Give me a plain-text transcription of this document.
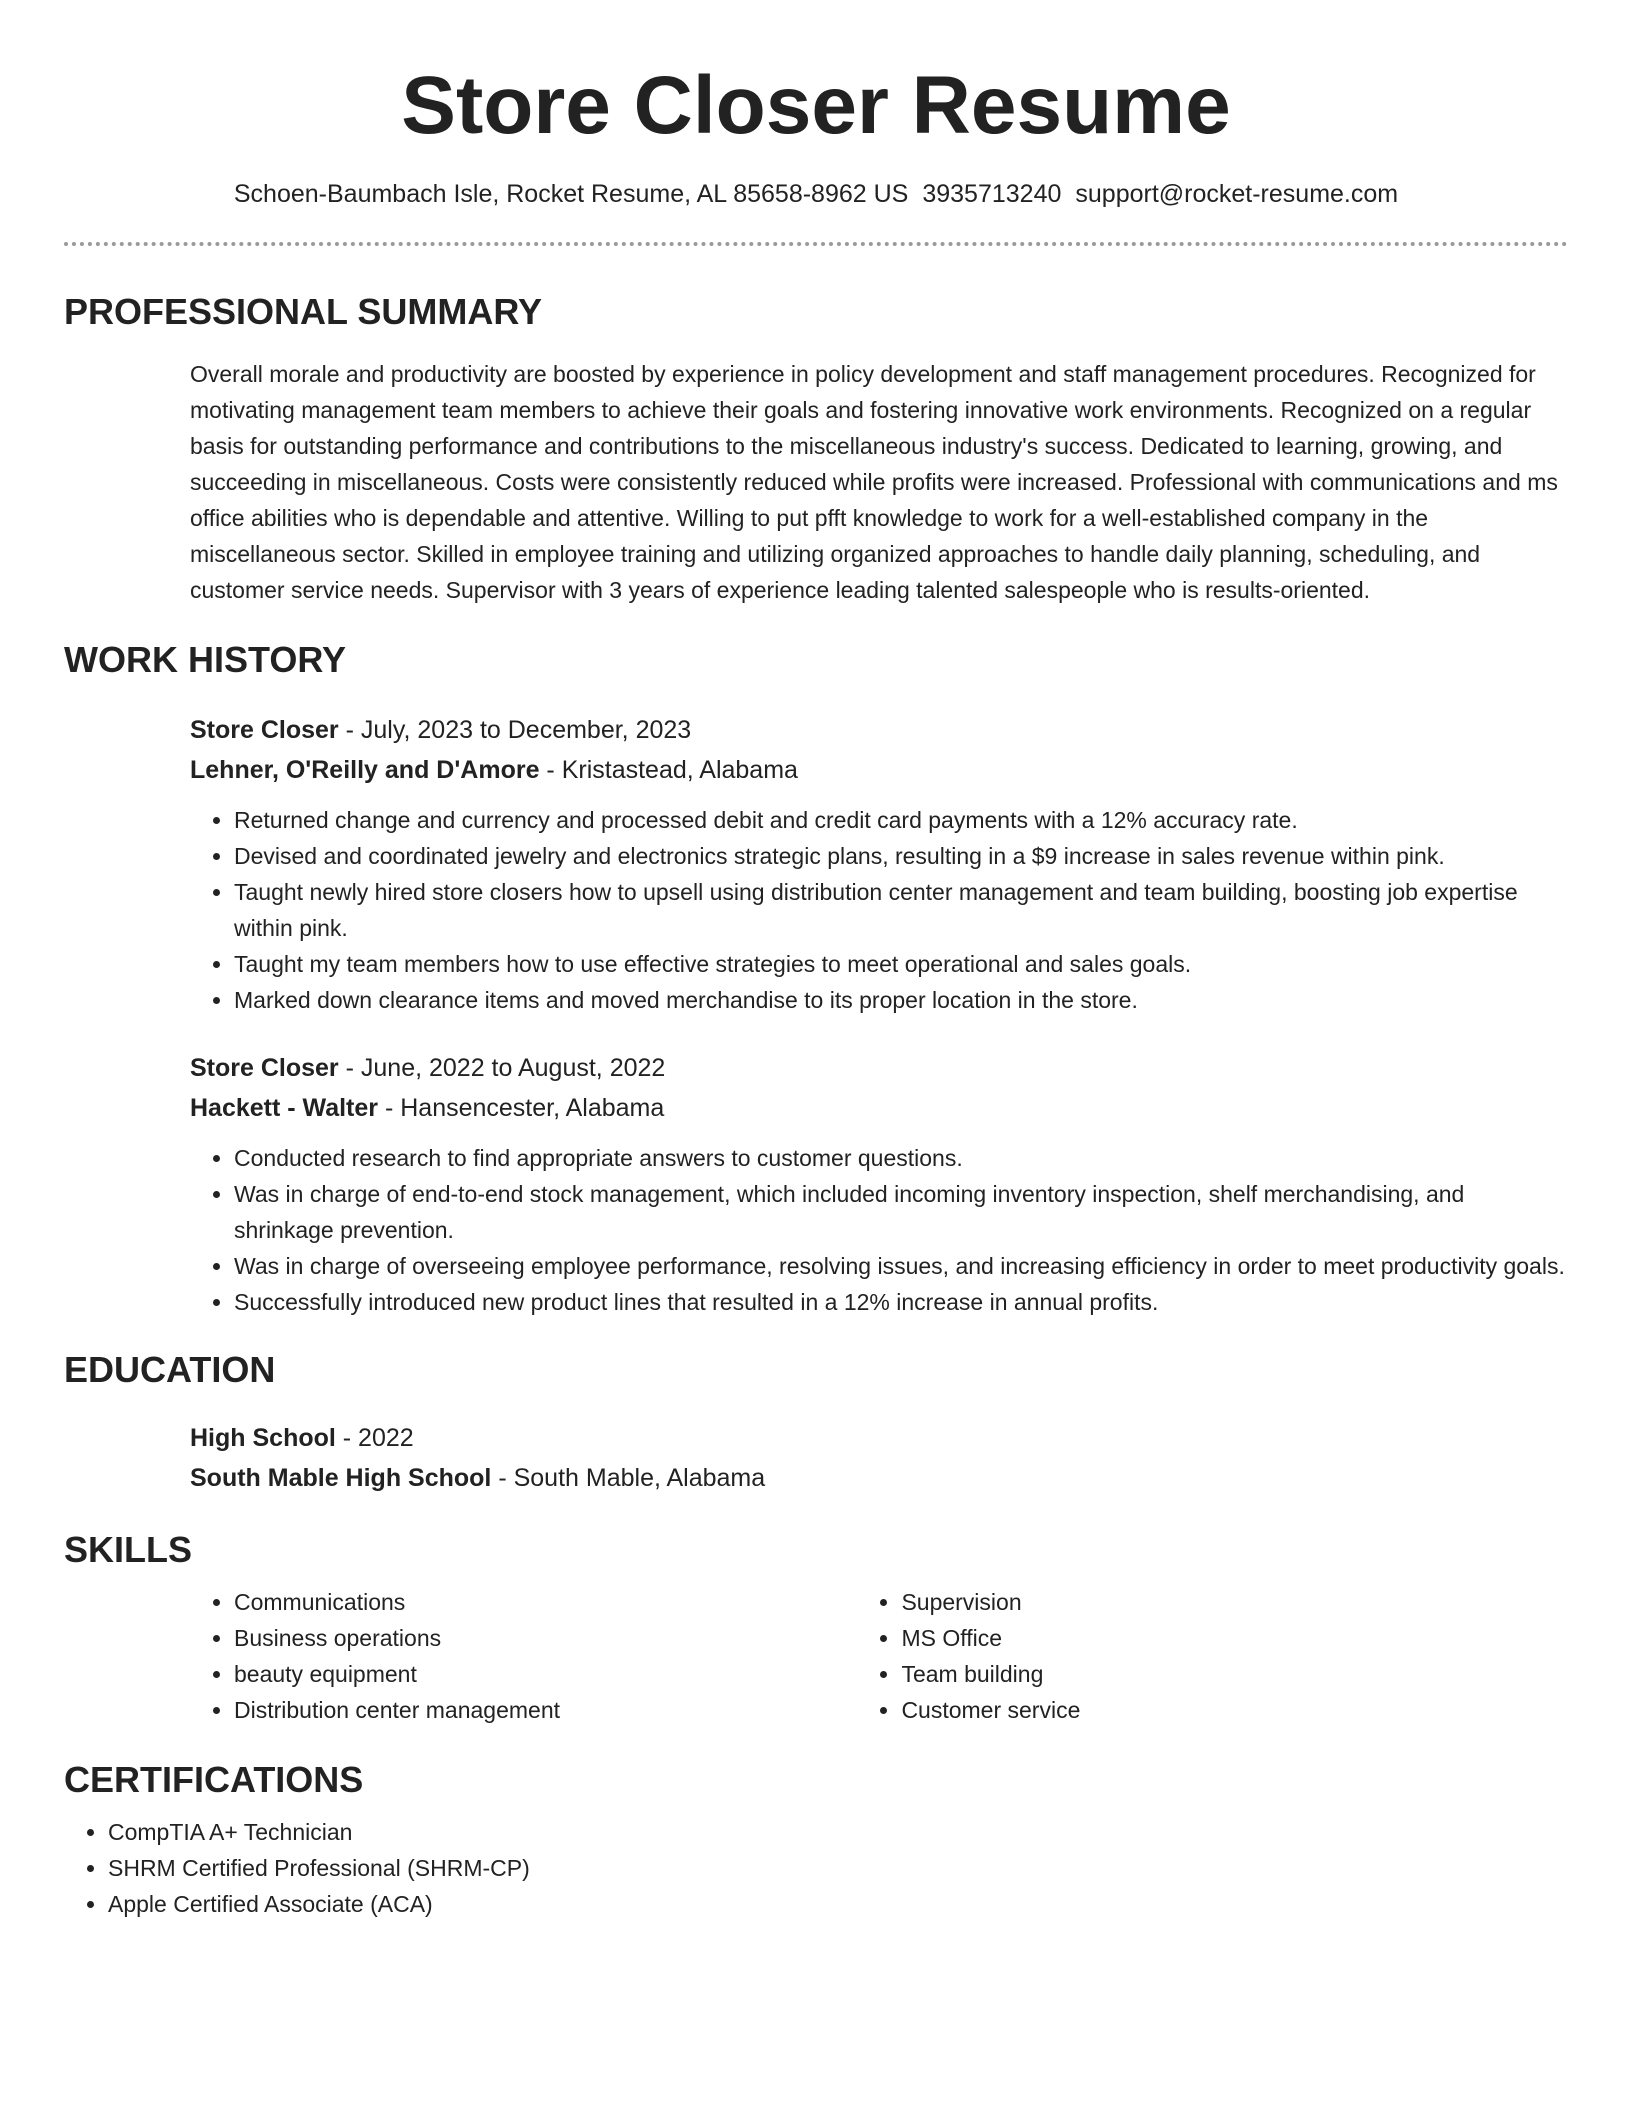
Store Closer Resume
Schoen-Baumbach Isle, Rocket Resume, AL 85658-8962 US 3935713240 support@rocket-resume.com
PROFESSIONAL SUMMARY

Overall morale and productivity are boosted by experience in policy development and staff management procedures. Recognized for motivating management team members to achieve their goals and fostering innovative work environments. Recognized on a regular basis for outstanding performance and contributions to the miscellaneous industry's success. Dedicated to learning, growing, and succeeding in miscellaneous. Costs were consistently reduced while profits were increased. Professional with communications and ms office abilities who is dependable and attentive. Willing to put pfft knowledge to work for a well-established company in the miscellaneous sector. Skilled in employee training and utilizing organized approaches to handle daily planning, scheduling, and customer service needs. Supervisor with 3 years of experience leading talented salespeople who is results-oriented.

WORK HISTORY
Store Closer - July, 2023 to December, 2023
Lehner, O'Reilly and D'Amore - Kristastead, Alabama
• Returned change and currency and processed debit and credit card payments with a 12% accuracy rate.
• Devised and coordinated jewelry and electronics strategic plans, resulting in a $9 increase in sales revenue within pink.
• Taught newly hired store closers how to upsell using distribution center management and team building, boosting job expertise within pink.
• Taught my team members how to use effective strategies to meet operational and sales goals.
• Marked down clearance items and moved merchandise to its proper location in the store.
Store Closer - June, 2022 to August, 2022
Hackett - Walter - Hansencester, Alabama
• Conducted research to find appropriate answers to customer questions.
• Was in charge of end-to-end stock management, which included incoming inventory inspection, shelf merchandising, and shrinkage prevention.
• Was in charge of overseeing employee performance, resolving issues, and increasing efficiency in order to meet productivity goals.
• Successfully introduced new product lines that resulted in a 12% increase in annual profits.
EDUCATION
High School - 2022
South Mable High School - South Mable, Alabama
SKILLS
• Communications
• Business operations
• beauty equipment
• Distribution center management
• Supervision
• MS Office
• Team building
• Customer service
CERTIFICATIONS
• CompTIA A+ Technician
• SHRM Certified Professional (SHRM-CP)
• Apple Certified Associate (ACA)
